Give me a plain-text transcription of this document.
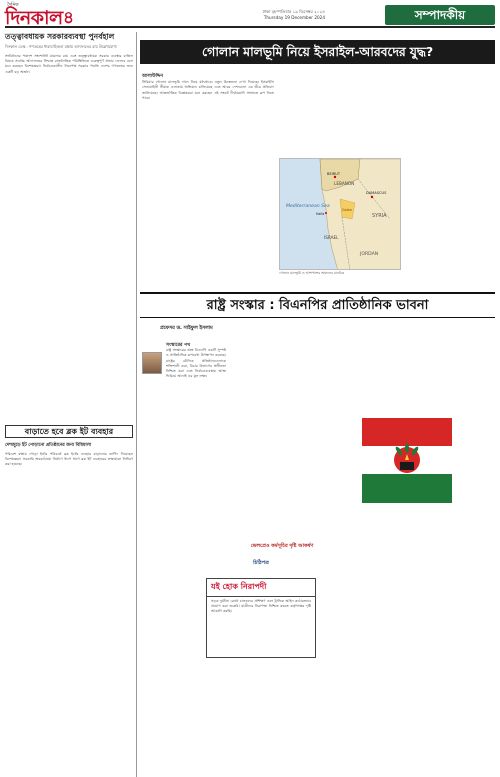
দৈনিক
দিনকাল ৪	ঢাকা বৃহস্পতিবার ১৯ ডিসেম্বর ২০২৪
Thursday 19 December 2024	সম্পাদকীয়
তত্ত্বাবধায়ক সরকারব্যবস্থা পুনর্বহাল
দিনকাল ডেস্ক : গণতন্ত্রের ধারাবাহিকতা রক্ষায় আদালতের রায় উল্লেখযোগ্য
সংবিধানের পঞ্চদশ সংশোধনী মামলার রায় এবং তত্ত্বাবধায়ক সরকার ব্যবস্থার বাতিল বিষয়ে সর্বোচ্চ আদালতের সিদ্ধান্ত রাজনৈতিক পরিস্থিতিতে গুরুত্বপূর্ণ প্রভাব ফেলবে বলে মনে করছেন বিশেষজ্ঞরা। নির্বাচনকালীন নিরপেক্ষ সরকার পদ্ধতি দেশের গণতন্ত্রের জন্য একটি বড় অর্জন।
বাড়াতে হবে ব্লক ইট ব্যবহার
দেশজুড়ে ইট পোড়ানো প্রতিষ্ঠানের জন্য বিধিমালা
পরিবেশ রক্ষায় পোড়া ইটের পরিবর্তে ব্লক ইটের ব্যবহার বাড়ানোর তাগিদ দিয়েছেন বিশেষজ্ঞরা। সরকারি অবকাঠামো নির্মাণে ধাপে ধাপে ব্লক ইট ব্যবহারের লক্ষ্যমাত্রা নির্ধারণ করা হয়েছে।
গোলান মালভূমি নিয়ে ইসরাইল-আরবদের যুদ্ধ?
আলাউদ্দিন

সিরিয়ার গোলান মালভূমি দখল নিয়ে মধ্যপ্রাচ্যে নতুন উত্তেজনা দেখা দিয়েছে। ইসরাইলি সেনাবাহিনী সীমান্ত এলাকায় অভিযান চালিয়েছে এবং আরব দেশগুলো এর তীব্র প্রতিবাদ জানিয়েছে। আন্তর্জাতিক বিশ্লেষকরা মনে করছেন এই সংকট দীর্ঘমেয়াদি সংঘাতে রূপ নিতে পারে।

Mediterranean Sea
BEIRUT
LEBANON
DAMASCUS
SYRIA
ISRAEL
JORDAN
Haifa
Golan
গোলান মালভূমি ও আশপাশের অঞ্চলের মানচিত্র
রাষ্ট্র সংস্কার : বিএনপির প্রাতিষ্ঠানিক ভাবনা
প্রফেসর ড. সাইফুল ইসলাম
সংস্কারের পথ

রাষ্ট্র সংস্কারের প্রশ্নে বিএনপি একটি সুস্পষ্ট ও প্রাতিষ্ঠানিক রূপরেখা উপস্থাপন করেছে। রাষ্ট্রের মৌলিক প্রতিষ্ঠানগুলোকে শক্তিশালী করা, বিচার বিভাগের স্বাধীনতা নিশ্চিত করা এবং নির্বাচনব্যবস্থায় আস্থা ফিরিয়ে আনাই এর মূল লক্ষ্য।

ভেলপ্রেও কর্মসূচির দৃষ্টি আকর্ষণ
চিঠিপত্র
যই হোক নিরাপদী
সড়ক দুর্ঘটনা রোধে চালকদের প্রশিক্ষণ এবং ট্রাফিক আইন কঠোরভাবে প্রয়োগ করা জরুরি। যাত্রীদের নিরাপত্তা নিশ্চিত করতে কর্তৃপক্ষের দৃষ্টি আকর্ষণ করছি।
